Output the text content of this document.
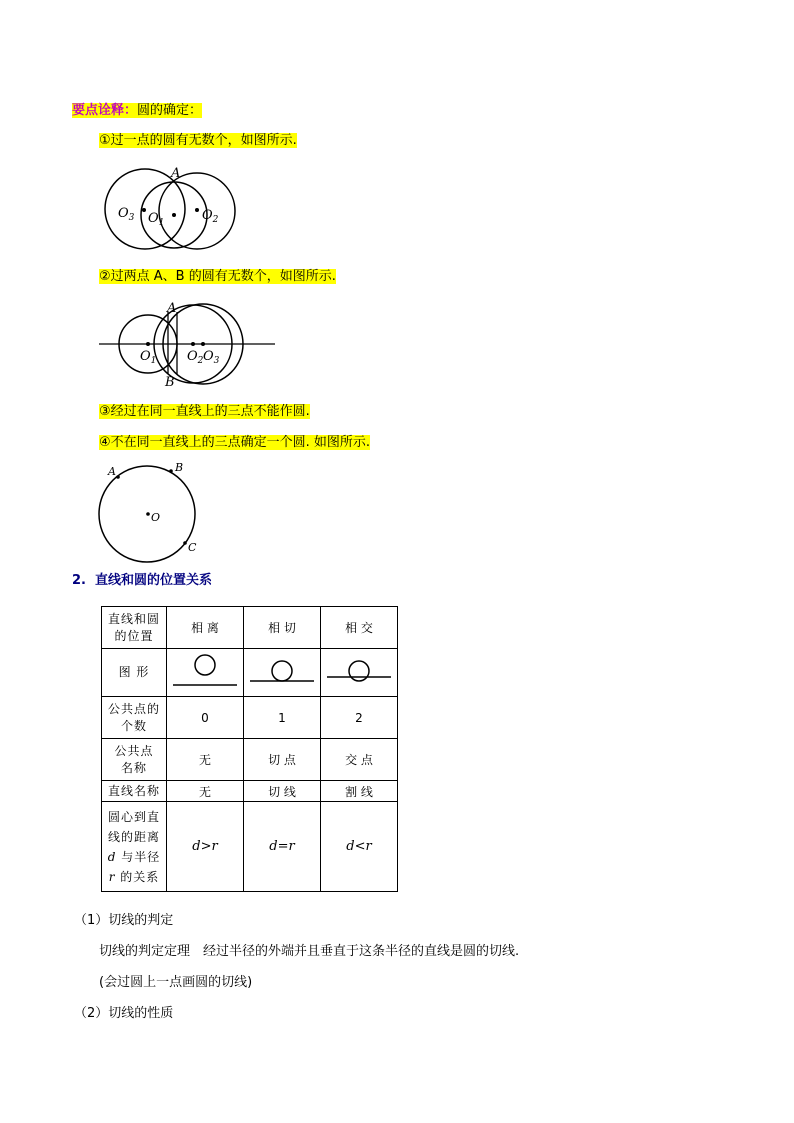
要点诠释：圆的确定：
①过一点的圆有无数个，如图所示.
A
$O_3$ $O_1$	$O_2$
②过两点 A、B 的圆有无数个，如图所示.
A
B
$O_1$ $O_2$ $O_3$
③经过在同一直线上的三点不能作圆.
④不在同一直线上的三点确定一个圆. 如图所示.
A	B
C
O
2. 直线和圆的位置关系
直线和圆
的位置	相 离	相 切	相 交
图 形			
公共点的
个数	0	1	2
公共点
名称	无	切 点	交 点
直线名称	无	切 线	割 线
圆心到直
线的距离
d 与半径
r 的关系	d>r	d=r	d<r
（1）切线的判定
切线的判定定理　经过半径的外端并且垂直于这条半径的直线是圆的切线.
(会过圆上一点画圆的切线)
（2）切线的性质
